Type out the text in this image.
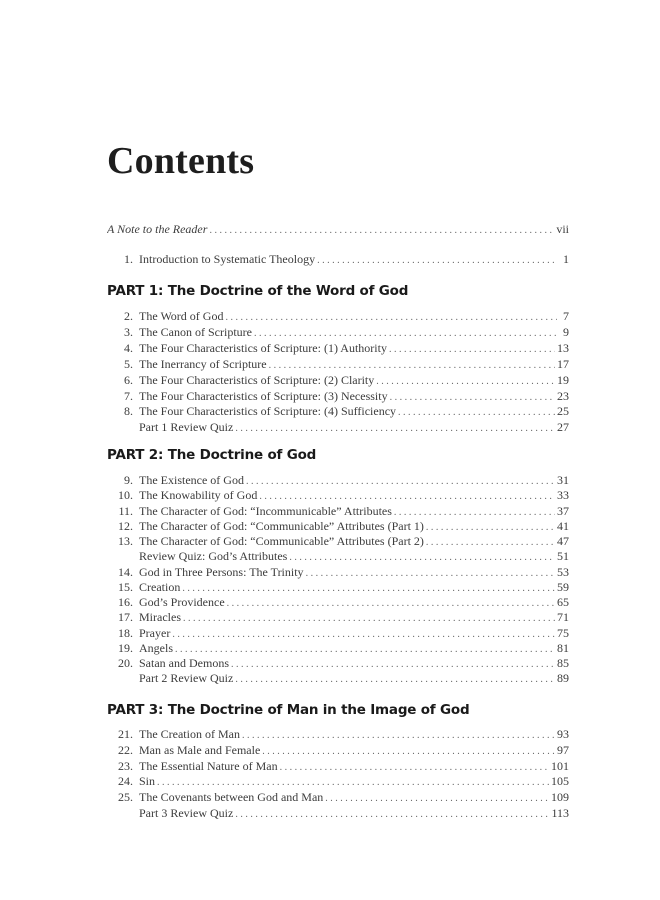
Contents
A Note to the Reader . . .	vii
1. Introduction to Systematic Theology . . .	1
PART 1: The Doctrine of the Word of God
2. The Word of God . . .	7
3. The Canon of Scripture . . .	9
4. The Four Characteristics of Scripture: (1) Authority . . .	13
5. The Inerrancy of Scripture . . .	17
6. The Four Characteristics of Scripture: (2) Clarity . . .	19
7. The Four Characteristics of Scripture: (3) Necessity . . .	23
8. The Four Characteristics of Scripture: (4) Sufficiency . . .	25
Part 1 Review Quiz . . .	27
PART 2: The Doctrine of God
9. The Existence of God . . .	31
10. The Knowability of God . . .	33
11. The Character of God: “Incommunicable” Attributes . . .	37
12. The Character of God: “Communicable” Attributes (Part 1) . . .	41
13. The Character of God: “Communicable” Attributes (Part 2) . . .	47
Review Quiz: God’s Attributes . . .	51
14. God in Three Persons: The Trinity . . .	53
15. Creation . . .	59
16. God’s Providence . . .	65
17. Miracles . . .	71
18. Prayer . . .	75
19. Angels . . .	81
20. Satan and Demons . . .	85
Part 2 Review Quiz . . .	89
PART 3: The Doctrine of Man in the Image of God
21. The Creation of Man . . .	93
22. Man as Male and Female . . .	97
23. The Essential Nature of Man . . .	101
24. Sin . . .	105
25. The Covenants between God and Man . . .	109
Part 3 Review Quiz . . .	113
